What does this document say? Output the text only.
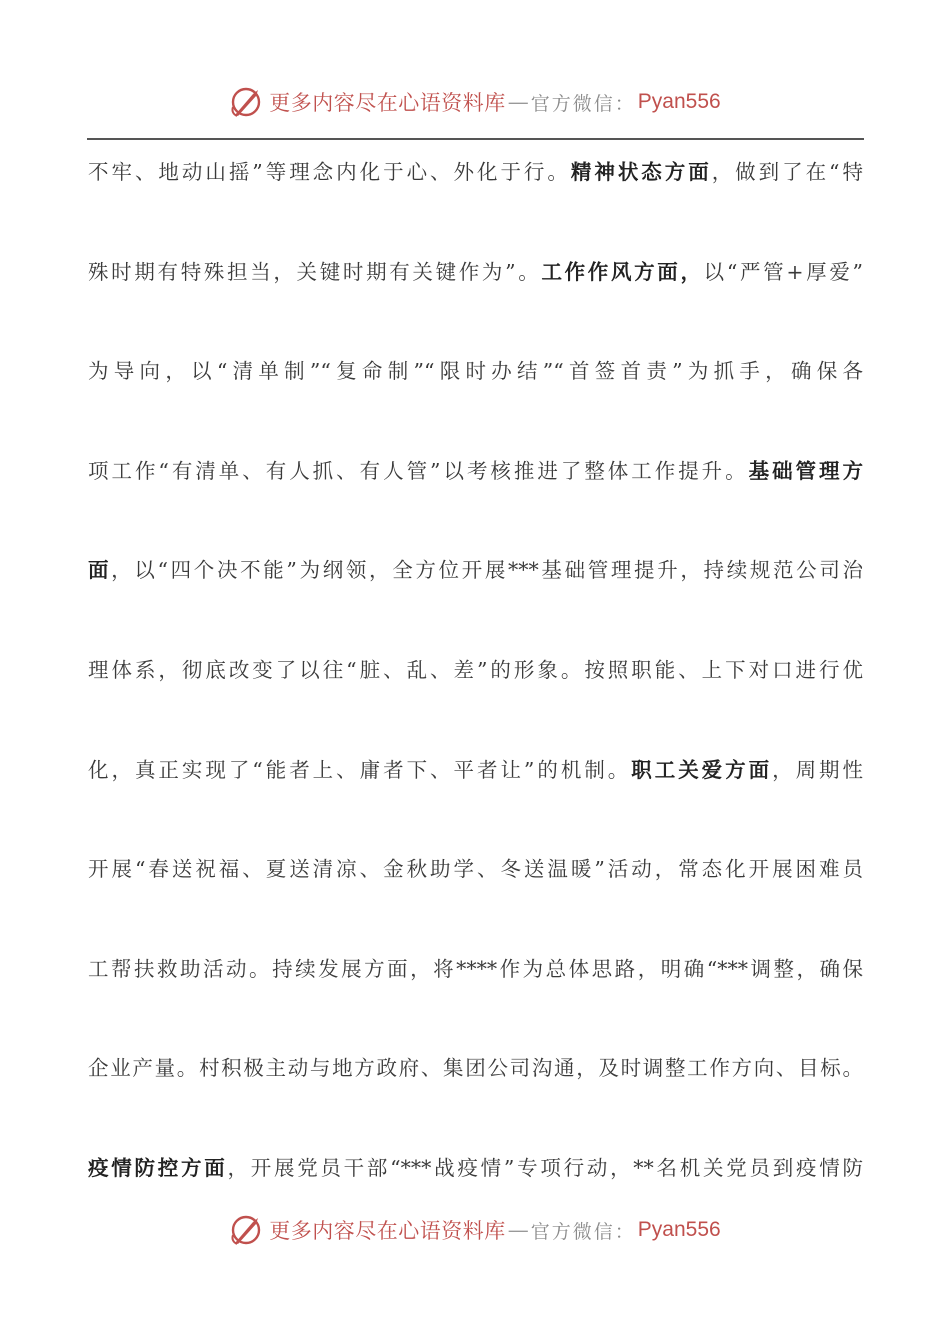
更多内容尽在心语资料库 — 官方微信： Pyan556
不牢、地动山摇”等理念内化于心、外化于行。精神状态方面，做到了在“特
殊时期有特殊担当，关键时期有关键作为”。工作作风方面，以“严管+厚爱”
为导向，以“清单制”“复命制”“限时办结”“首签首责”为抓手，确保各
项工作“有清单、有人抓、有人管”以考核推进了整体工作提升。基础管理方
面，以“四个决不能”为纲领，全方位开展***基础管理提升，持续规范公司治
理体系，彻底改变了以往“脏、乱、差”的形象。按照职能、上下对口进行优
化，真正实现了“能者上、庸者下、平者让”的机制。职工关爱方面，周期性
开展“春送祝福、夏送清凉、金秋助学、冬送温暖”活动，常态化开展困难员
工帮扶救助活动。持续发展方面，将****作为总体思路，明确“***调整，确保
企业产量。村积极主动与地方政府、集团公司沟通，及时调整工作方向、目标。
疫情防控方面，开展党员干部“***战疫情”专项行动，**名机关党员到疫情防
更多内容尽在心语资料库 — 官方微信： Pyan556
